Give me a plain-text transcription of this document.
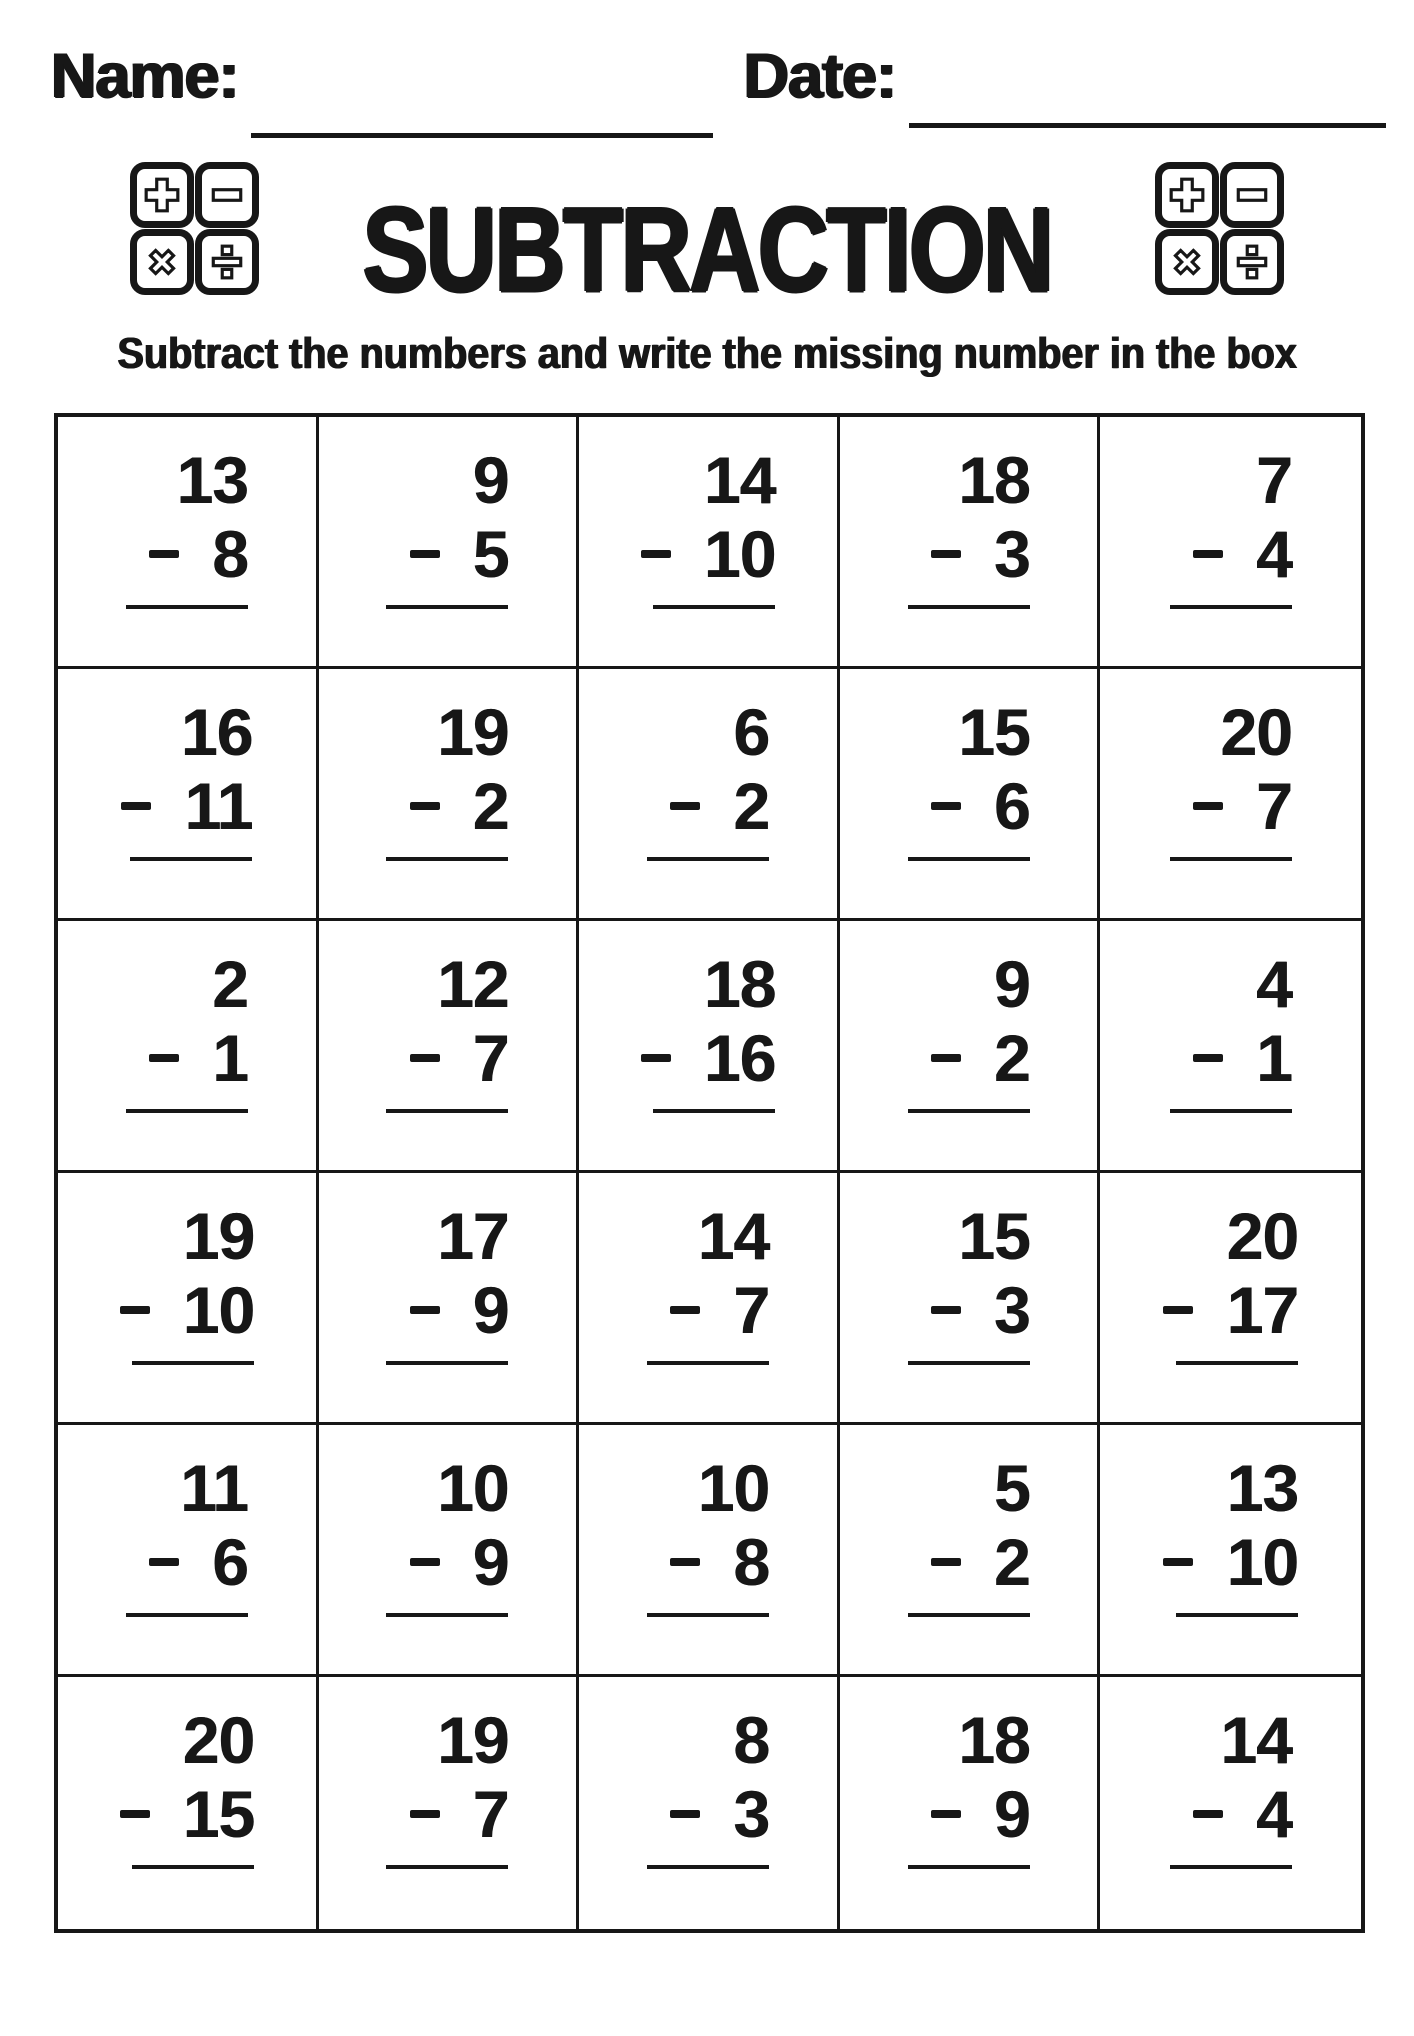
Name:	Date:
SUBTRACTION
Subtract the numbers and write the missing number in the box
13
8
9
5
14
10
18
3
7
4
16
11
19
2
6
2
15
6
20
7
2
1
12
7
18
16
9
2
4
1
19
10
17
9
14
7
15
3
20
17
11
6
10
9
10
8
5
2
13
10
20
15
19
7
8
3
18
9
14
4
